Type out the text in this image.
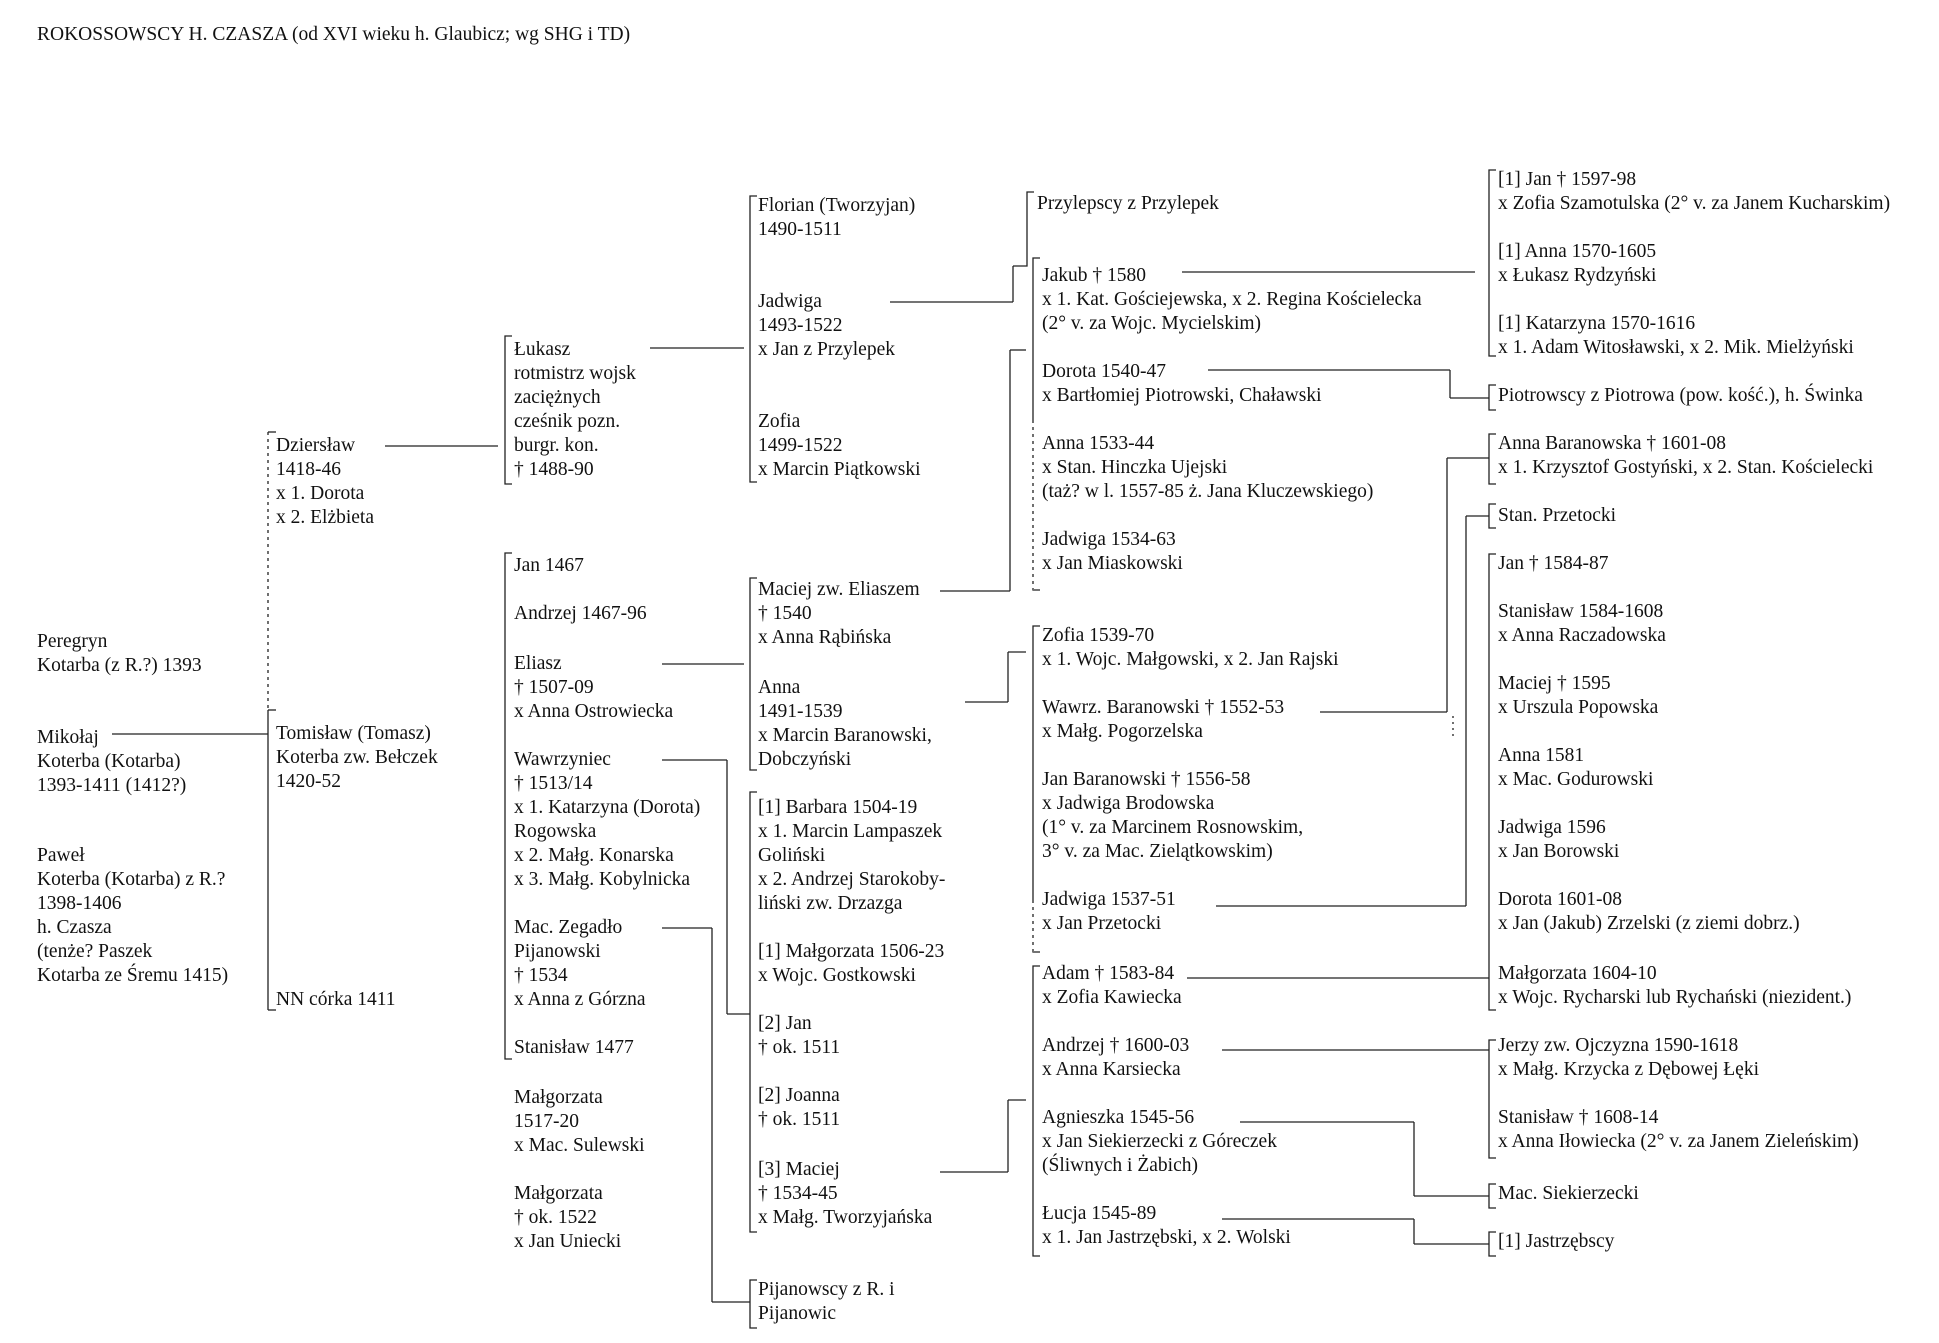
ROKOSSOWSCY H. CZASZA (od XVI wieku h. Glaubicz; wg SHG i TD)
Peregryn
Kotarba (z R.?) 1393
Mikołaj
Koterba (Kotarba)
1393-1411 (1412?)
Paweł
Koterba (Kotarba) z R.?
1398-1406
h. Czasza
(tenże? Paszek
Kotarba ze Śremu 1415)
Dziersław
1418-46
x 1. Dorota
x 2. Elżbieta
Tomisław (Tomasz)
Koterba zw. Bełczek
1420-52
NN córka 1411
Łukasz
rotmistrz wojsk
zaciężnych
cześnik pozn.
burgr. kon.
† 1488-90
Jan 1467
Andrzej 1467-96
Eliasz
† 1507-09
x Anna Ostrowiecka
Wawrzyniec
† 1513/14
x 1. Katarzyna (Dorota)
Rogowska
x 2. Małg. Konarska
x 3. Małg. Kobylnicka
Mac. Zegadło
Pijanowski
† 1534
x Anna z Górzna
Stanisław 1477
Małgorzata
1517-20
x Mac. Sulewski
Małgorzata
† ok. 1522
x Jan Uniecki
Florian (Tworzyjan)
1490-1511
Jadwiga
1493-1522
x Jan z Przylepek
Zofia
1499-1522
x Marcin Piątkowski
Maciej zw. Eliaszem
† 1540
x Anna Rąbińska
Anna
1491-1539
x Marcin Baranowski,
Dobczyński
[1] Barbara 1504-19
x 1. Marcin Lampaszek
Goliński
x 2. Andrzej Starokoby-
liński zw. Drzazga
[1] Małgorzata 1506-23
x Wojc. Gostkowski
[2] Jan
† ok. 1511
[2] Joanna
† ok. 1511
[3] Maciej
† 1534-45
x Małg. Tworzyjańska
Pijanowscy z R. i
Pijanowic
Przylepscy z Przylepek
Jakub † 1580
x 1. Kat. Gościejewska, x 2. Regina Kościelecka
(2° v. za Wojc. Mycielskim)
Dorota 1540-47
x Bartłomiej Piotrowski, Chaławski
Anna 1533-44
x Stan. Hinczka Ujejski
(taż? w l. 1557-85 ż. Jana Kluczewskiego)
Jadwiga 1534-63
x Jan Miaskowski
Zofia 1539-70
x 1. Wojc. Małgowski, x 2. Jan Rajski
Wawrz. Baranowski † 1552-53
x Małg. Pogorzelska
Jan Baranowski † 1556-58
x Jadwiga Brodowska
(1° v. za Marcinem Rosnowskim,
3° v. za Mac. Zielątkowskim)
Jadwiga 1537-51
x Jan Przetocki
Adam † 1583-84
x Zofia Kawiecka
Andrzej † 1600-03
x Anna Karsiecka
Agnieszka 1545-56
x Jan Siekierzecki z Góreczek
(Śliwnych i Żabich)
Łucja 1545-89
x 1. Jan Jastrzębski, x 2. Wolski
[1] Jan † 1597-98
x Zofia Szamotulska (2° v. za Janem Kucharskim)
[1] Anna 1570-1605
x Łukasz Rydzyński
[1] Katarzyna 1570-1616
x 1. Adam Witosławski, x 2. Mik. Mielżyński
Piotrowscy z Piotrowa (pow. kość.), h. Świnka
Anna Baranowska † 1601-08
x 1. Krzysztof Gostyński, x 2. Stan. Kościelecki
Stan. Przetocki
Jan † 1584-87
Stanisław 1584-1608
x Anna Raczadowska
Maciej † 1595
x Urszula Popowska
Anna 1581
x Mac. Godurowski
Jadwiga 1596
x Jan Borowski
Dorota 1601-08
x Jan (Jakub) Zrzelski (z ziemi dobrz.)
Małgorzata 1604-10
x Wojc. Rycharski lub Rychański (niezident.)
Jerzy zw. Ojczyzna 1590-1618
x Małg. Krzycka z Dębowej Łęki
Stanisław † 1608-14
x Anna Iłowiecka (2° v. za Janem Zieleńskim)
Mac. Siekierzecki
[1] Jastrzębscy
